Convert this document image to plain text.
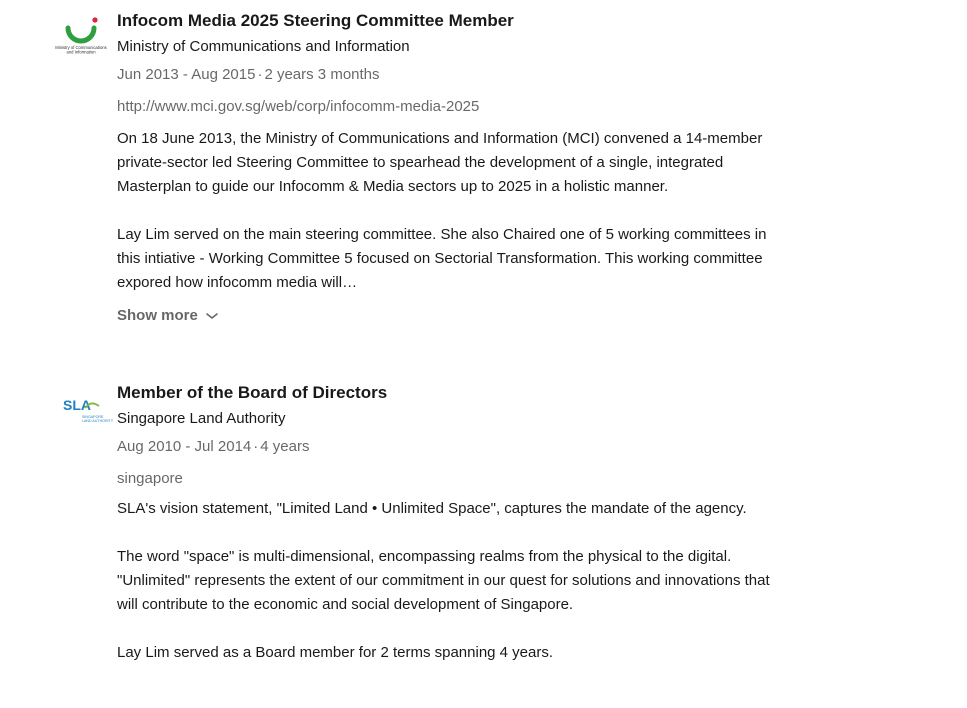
Ministry of Communications
and Information
Infocom Media 2025 Steering Committee Member
Ministry of Communications and Information
Jun 2013 - Aug 2015 · 2 years 3 months
http://www.mci.gov.sg/web/corp/infocomm-media-2025

On 18 June 2013, the Ministry of Communications and Information (MCI) convened a 14-member private-sector led Steering Committee to spearhead the development of a single, integrated Masterplan to guide our Infocomm & Media sectors up to 2025 in a holistic manner.

Lay Lim served on the main steering committee. She also Chaired one of 5 working committees in this intiative - Working Committee 5 focused on Sectorial Transformation. This working committee expored how infocomm media will…

Show more
SLA
SINGAPORE
LAND AUTHORITY
Member of the Board of Directors
Singapore Land Authority
Aug 2010 - Jul 2014 · 4 years
singapore

SLA's vision statement, "Limited Land • Unlimited Space", captures the mandate of the agency.

The word "space" is multi-dimensional, encompassing realms from the physical to the digital. "Unlimited" represents the extent of our commitment in our quest for solutions and innovations that will contribute to the economic and social development of Singapore.

Lay Lim served as a Board member for 2 terms spanning 4 years.
